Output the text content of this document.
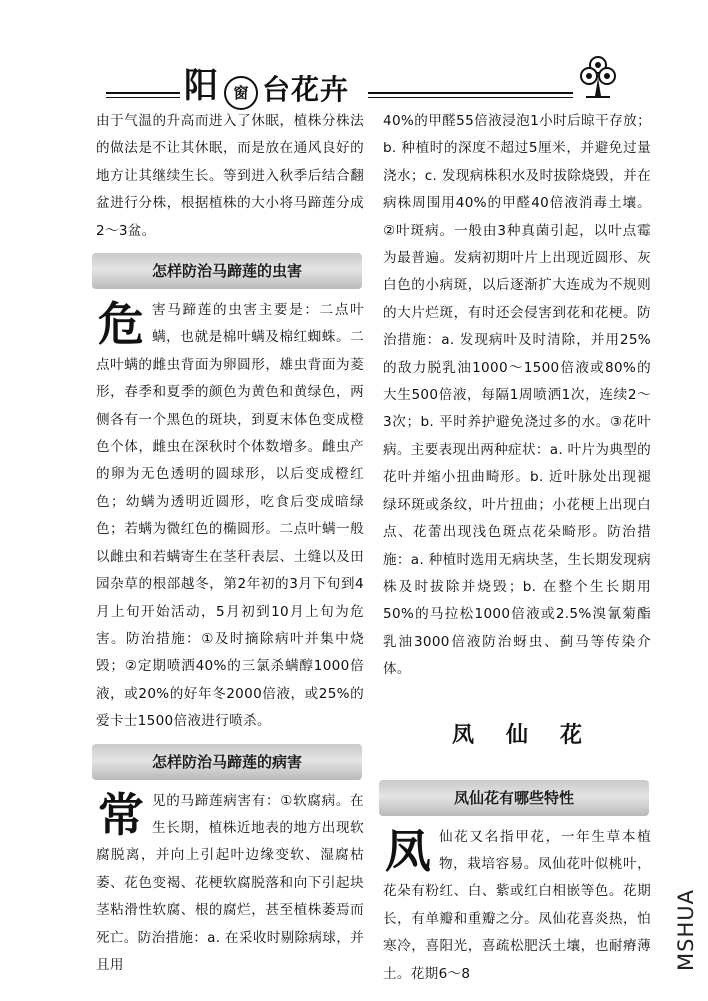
阳	窗 台花卉

由于气温的升高而进入了休眠，植株分株法的做法是不让其休眠，而是放在通风良好的地方让其继续生长。等到进入秋季后结合翻盆进行分株，根据植株的大小将马蹄莲分成2～3盆。

怎样防治马蹄莲的虫害

危害马蹄莲的虫害主要是：二点叶螨，也就是棉叶螨及棉红蜘蛛。二点叶螨的雌虫背面为卵圆形，雄虫背面为菱形，春季和夏季的颜色为黄色和黄绿色，两侧各有一个黑色的斑块，到夏末体色变成橙色个体，雌虫在深秋时个体数增多。雌虫产的卵为无色透明的圆球形，以后变成橙红色；幼螨为透明近圆形，吃食后变成暗绿色；若螨为微红色的椭圆形。二点叶螨一般以雌虫和若螨寄生在茎秆表层、土缝以及田园杂草的根部越冬，第2年初的3月下旬到4月上旬开始活动，5月初到10月上旬为危害。防治措施：①及时摘除病叶并集中烧毁；②定期喷洒40%的三氯杀螨醇1000倍液，或20%的好年冬2000倍液，或25%的爱卡士1500倍液进行喷杀。

怎样防治马蹄莲的病害

常见的马蹄莲病害有：①软腐病。在生长期，植株近地表的地方出现软腐脱离，并向上引起叶边缘变软、湿腐枯萎、花色变褐、花梗软腐脱落和向下引起块茎粘滑性软腐、根的腐烂，甚至植株萎焉而死亡。防治措施：a. 在采收时剔除病球，并且用

40%的甲醛55倍液浸泡1小时后晾干存放；b. 种植时的深度不超过5厘米，并避免过量浇水；c. 发现病株积水及时拔除烧毁，并在病株周围用40%的甲醛40倍液消毒土壤。②叶斑病。一般由3种真菌引起，以叶点霉为最普遍。发病初期叶片上出现近圆形、灰白色的小病斑，以后逐渐扩大连成为不规则的大片烂斑，有时还会侵害到花和花梗。防治措施：a. 发现病叶及时清除，并用25%的敌力脱乳油1000～1500倍液或80%的大生500倍液，每隔1周喷洒1次，连续2～3次；b. 平时养护避免浇过多的水。③花叶病。主要表现出两种症状：a. 叶片为典型的花叶并缩小扭曲畸形。b. 近叶脉处出现褪绿环斑或条纹，叶片扭曲；小花梗上出现白点、花蕾出现浅色斑点花朵畸形。防治措施：a. 种植时选用无病块茎，生长期发现病株及时拔除并烧毁；b. 在整个生长期用50%的马拉松1000倍液或2.5%溴氰菊酯乳油3000倍液防治蚜虫、蓟马等传染介体。

凤仙花
凤仙花有哪些特性

凤仙花又名指甲花，一年生草本植物，栽培容易。凤仙花叶似桃叶，花朵有粉红、白、紫或红白相嵌等色。花期长，有单瓣和重瓣之分。凤仙花喜炎热，怕寒冷，喜阳光，喜疏松肥沃土壤，也耐瘠薄土。花期6～8

MSHUA
